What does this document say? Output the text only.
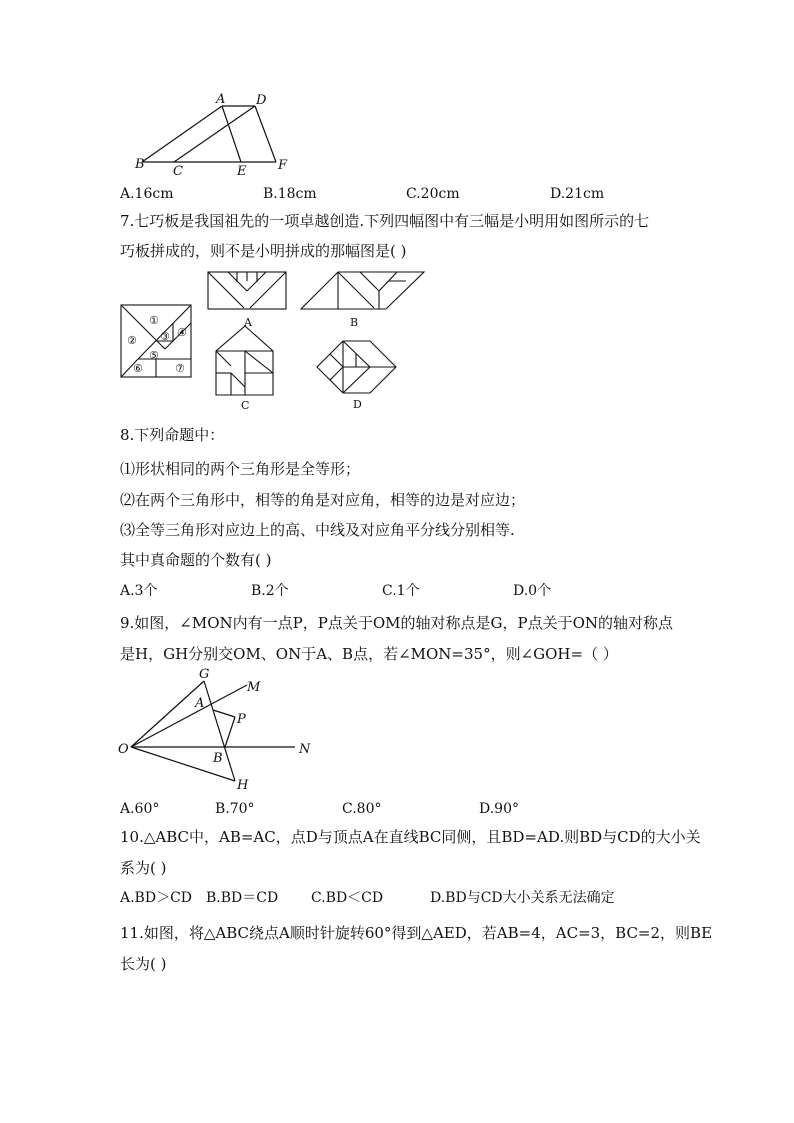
A D
B C	E F
A.16cm	B.18cm	C.20cm	D.21cm
7.七巧板是我国祖先的一项卓越创造.下列四幅图中有三幅是小明用如图所示的七
巧板拼成的，则不是小明拼成的那幅图是( )
①
② ③ ④
⑤
⑥	⑦
A	B
C	D
8.下列命题中：
⑴形状相同的两个三角形是全等形；
⑵在两个三角形中，相等的角是对应角，相等的边是对应边；
⑶全等三角形对应边上的高、中线及对应角平分线分别相等.
其中真命题的个数有( )
A.3个	B.2个	C.1个	D.0个
9.如图，∠MON内有一点P，P点关于OM的轴对称点是G，P点关于ON的轴对称点
是H，GH分别交OM、ON于A、B点，若∠MON=35°，则∠GOH=（ ）
G
M
A
P
O	N
B
H
A.60°	B.70°	C.80°	D.90°
10.△ABC中，AB=AC，点D与顶点A在直线BC同侧，且BD=AD.则BD与CD的大小关
系为( )
A.BD＞CD B.BD＝CD C.BD＜CD	D.BD与CD大小关系无法确定
11.如图，将△ABC绕点A顺时针旋转60°得到△AED，若AB=4，AC=3，BC=2，则BE
长为( )
